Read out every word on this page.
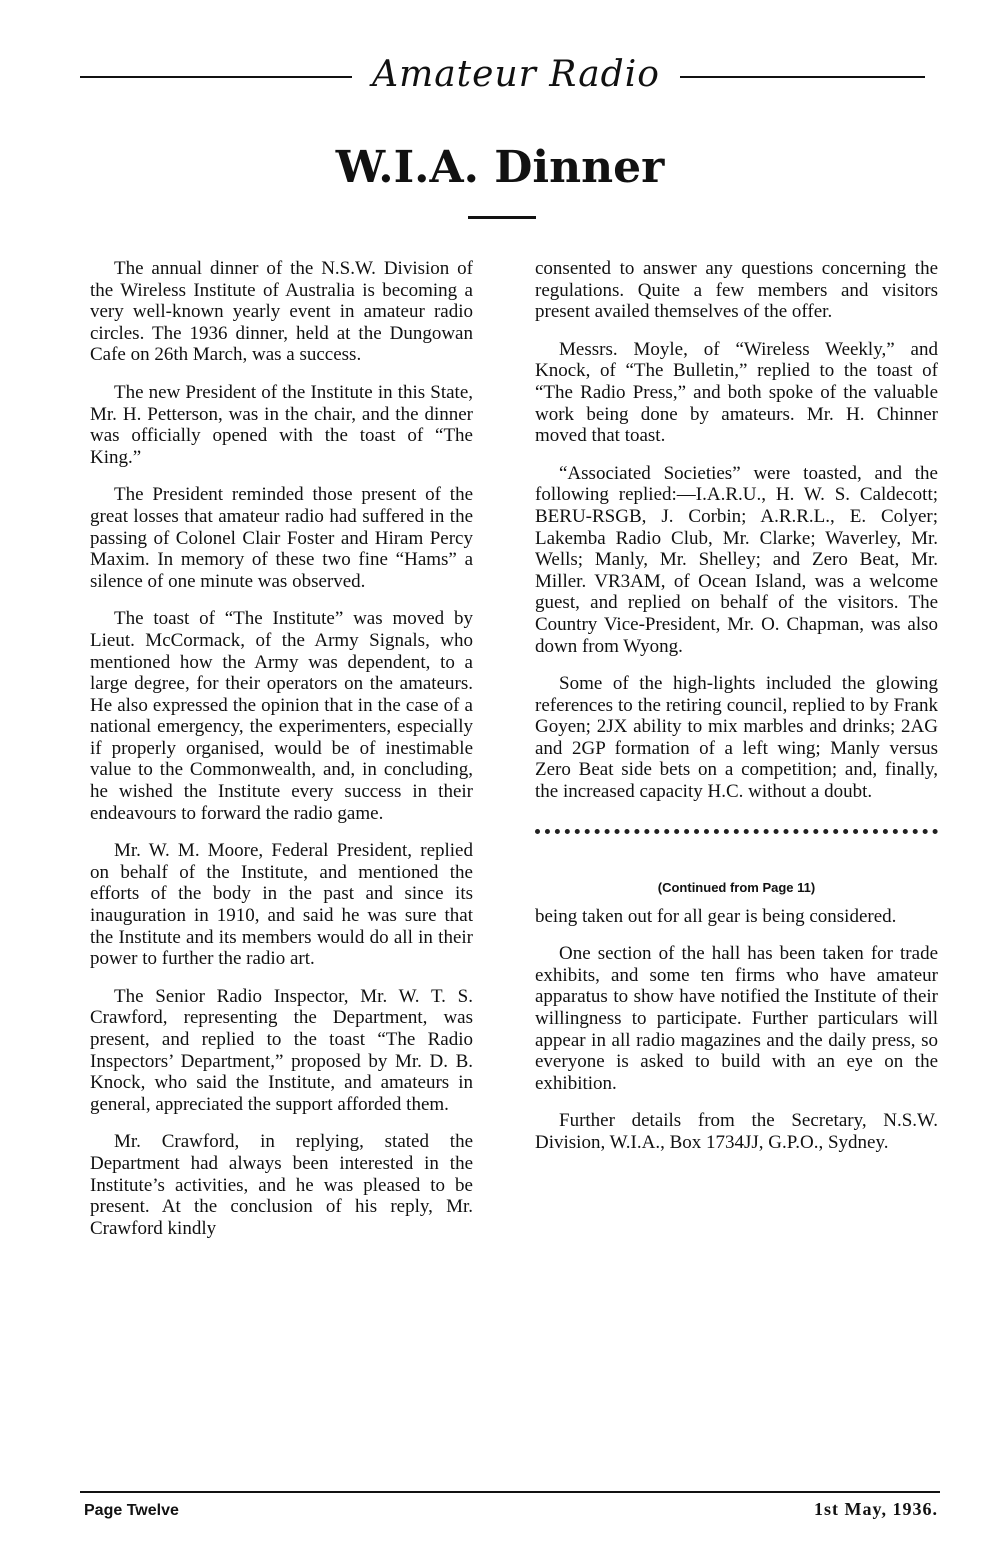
Amateur Radio
W.I.A. Dinner

The annual dinner of the N.S.W. Division of the Wireless Institute of Australia is becoming a very well-known yearly event in amateur radio circles. The 1936 dinner, held at the Dungowan Cafe on 26th March, was a success.

The new President of the Institute in this State, Mr. H. Petterson, was in the chair, and the dinner was officially opened with the toast of “The King.”

The President reminded those present of the great losses that amateur radio had suffered in the passing of Colonel Clair Foster and Hiram Percy Maxim. In memory of these two fine “Hams” a silence of one minute was observed.

The toast of “The Institute” was moved by Lieut. McCormack, of the Army Signals, who mentioned how the Army was dependent, to a large degree, for their operators on the amateurs. He also expressed the opinion that in the case of a national emergency, the experimenters, especially if properly organised, would be of inestimable value to the Commonwealth, and, in concluding, he wished the Institute every success in their endeavours to forward the radio game.

Mr. W. M. Moore, Federal President, replied on behalf of the Institute, and mentioned the efforts of the body in the past and since its inauguration in 1910, and said he was sure that the Institute and its members would do all in their power to further the radio art.

The Senior Radio Inspector, Mr. W. T. S. Crawford, representing the Department, was present, and replied to the toast “The Radio Inspectors’ Department,” proposed by Mr. D. B. Knock, who said the Institute, and amateurs in general, appreciated the support afforded them.

Mr. Crawford, in replying, stated the Department had always been interested in the Institute’s activities, and he was pleased to be present. At the conclusion of his reply, Mr. Crawford kindly

consented to answer any questions concerning the regulations. Quite a few members and visitors present availed themselves of the offer.

Messrs. Moyle, of “Wireless Weekly,” and Knock, of “The Bulletin,” replied to the toast of “The Radio Press,” and both spoke of the valuable work being done by amateurs. Mr. H. Chinner moved that toast.

“Associated Societies” were toasted, and the following replied:—I.A.R.U., H. W. S. Caldecott; BERU-RSGB, J. Corbin; A.R.R.L., E. Colyer; Lakemba Radio Club, Mr. Clarke; Waverley, Mr. Wells; Manly, Mr. Shelley; and Zero Beat, Mr. Miller. VR3AM, of Ocean Island, was a welcome guest, and replied on behalf of the visitors. The Country Vice-President, Mr. O. Chapman, was also down from Wyong.

Some of the high-lights included the glowing references to the retiring council, replied to by Frank Goyen; 2JX ability to mix marbles and drinks; 2AG and 2GP formation of a left wing; Manly versus Zero Beat side bets on a competition; and, finally, the increased capacity H.C. without a doubt.

(Continued from Page 11)

being taken out for all gear is being considered.

One section of the hall has been taken for trade exhibits, and some ten firms who have amateur apparatus to show have notified the Institute of their willingness to participate. Further particulars will appear in all radio magazines and the daily press, so everyone is asked to build with an eye on the exhibition.

Further details from the Secretary, N.S.W. Division, W.I.A., Box 1734JJ, G.P.O., Sydney.

Page Twelve	1st May, 1936.
